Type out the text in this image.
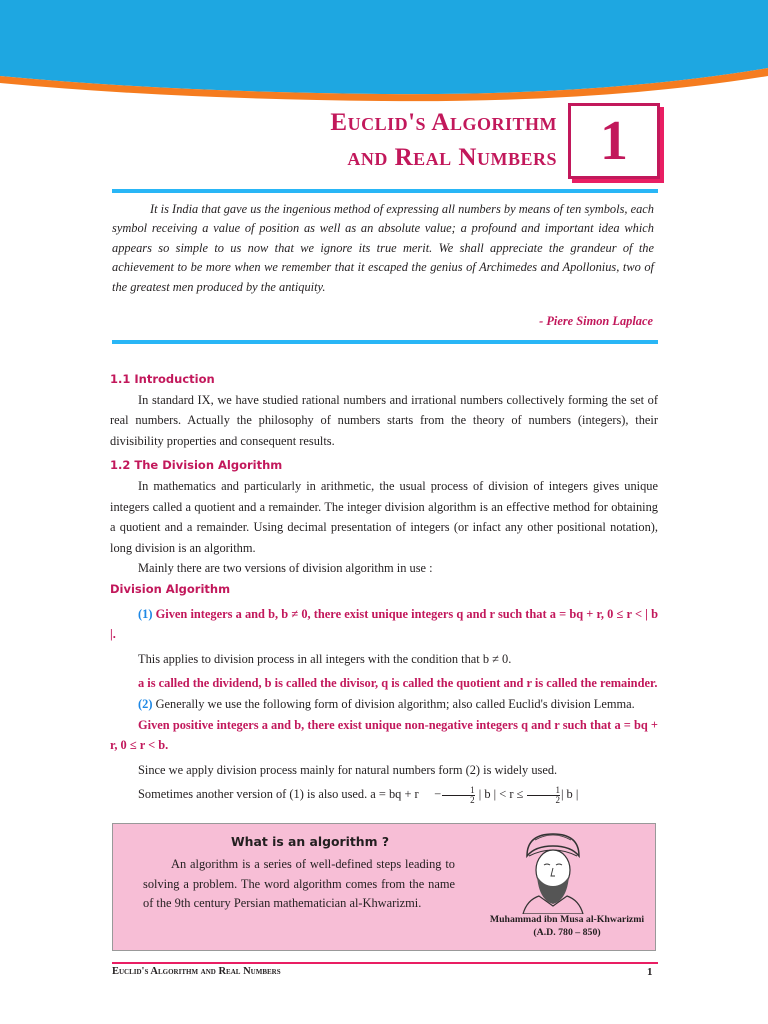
Euclid's Algorithm
and Real Numbers 1
It is India that gave us the ingenious method of expressing all numbers by means of ten symbols, each symbol receiving a value of position as well as an absolute value; a profound and important idea which appears so simple to us now that we ignore its true merit. We shall appreciate the grandeur of the achievement to be more when we remember that it escaped the genius of Archimedes and Apollonius, two of the greatest men produced by the antiquity.
- Piere Simon Laplace

1.1 Introduction

In standard IX, we have studied rational numbers and irrational numbers collectively forming the set of real numbers. Actually the philosophy of numbers starts from the theory of numbers (integers), their divisibility properties and consequent results.

1.2 The Division Algorithm

In mathematics and particularly in arithmetic, the usual process of division of integers gives unique integers called a quotient and a remainder. The integer division algorithm is an effective method for obtaining a quotient and a remainder. Using decimal presentation of integers (or infact any other positional notation), long division is an algorithm.

Mainly there are two versions of division algorithm in use :

Division Algorithm

(1) Given integers a and b, b ≠ 0, there exist unique integers q and r such that a = bq + r, 0 ≤ r < | b |.

This applies to division process in all integers with the condition that b ≠ 0.

a is called the dividend, b is called the divisor, q is called the quotient and r is called the remainder.

(2) Generally we use the following form of division algorithm; also called Euclid's division Lemma.

Given positive integers a and b, there exist unique non-negative integers q and r such that a = bq + r, 0 ≤ r < b.

Since we apply division process mainly for natural numbers form (2) is widely used.

Sometimes another version of (1) is also used. a = bq + $r - \frac{1}{2}$ | b | < $r \le \frac{1}{2}$ | b |

What is an algorithm ?

An algorithm is a series of well-defined steps leading to solving a problem. The word algorithm comes from the name of the 9th century Persian mathematician al-Khwarizmi.

Muhammad ibn Musa al-Khwarizmi
(A.D. 780 – 850)
Euclid's Algorithm and Real Numbers	1
